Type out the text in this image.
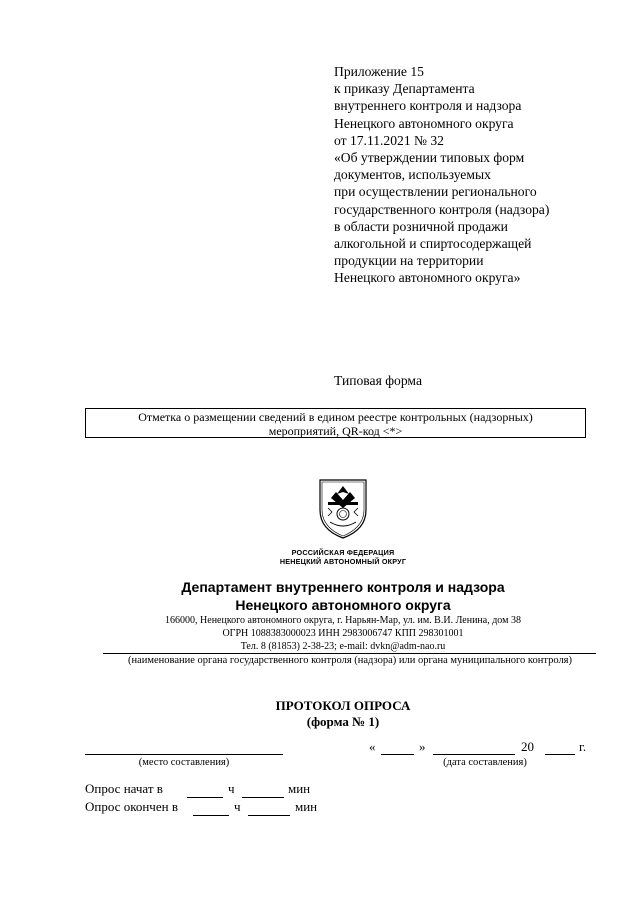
Приложение 15
к приказу Департамента
внутреннего контроля и надзора
Ненецкого автономного округа
от 17.11.2021 № 32
«Об утверждении типовых форм
документов, используемых
при осуществлении регионального
государственного контроля (надзора)
в области розничной продажи
алкогольной и спиртосодержащей
продукции на территории
Ненецкого автономного округа»
Типовая форма
Отметка о размещении сведений в едином реестре контрольных (надзорных)
мероприятий, QR-код <*>
РОССИЙСКАЯ ФЕДЕРАЦИЯ
НЕНЕЦКИЙ АВТОНОМНЫЙ ОКРУГ
Департамент внутреннего контроля и надзора
Ненецкого автономного округа
166000, Ненецкого автономного округа, г. Нарьян-Мар, ул. им. В.И. Ленина, дом 38
ОГРН 1088383000023 ИНН 2983006747 КПП 298301001
Тел. 8 (81853) 2-38-23; e-mail: dvkn@adm-nao.ru
(наименование органа государственного контроля (надзора) или органа муниципального контроля)
ПРОТОКОЛ ОПРОСА
(форма № 1)
(место составления)
«	»	20	г.
(дата составления)
Опрос начат в	ч	мин
Опрос окончен в	ч	мин
